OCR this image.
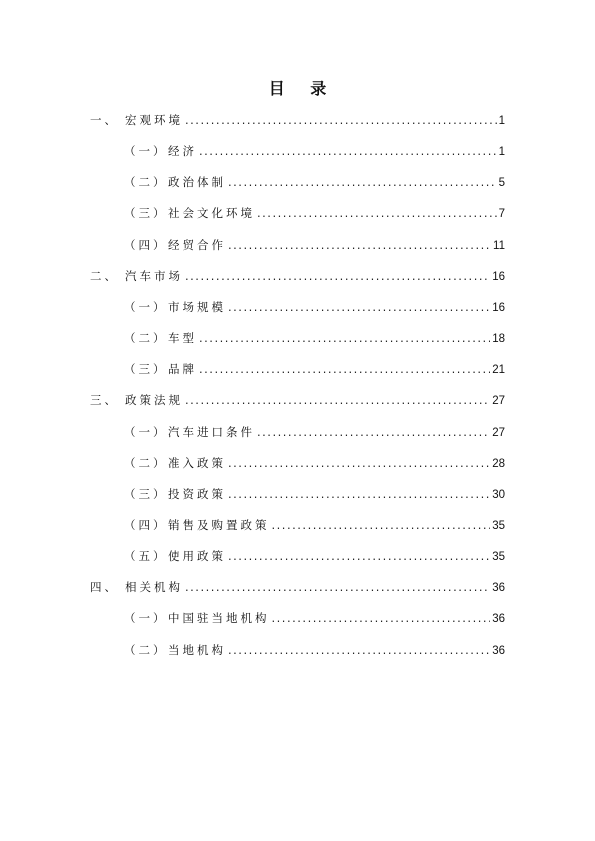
目 录
一、 宏观环境 .....	1
（一） 经济 .....	1
（二） 政治体制 .....	5
（三） 社会文化环境 .....	7
（四） 经贸合作 .....	11
二、 汽车市场 .....	16
（一） 市场规模 .....	16
（二） 车型 .....	18
（三） 品牌 .....	21
三、 政策法规 .....	27
（一） 汽车进口条件 .....	27
（二） 准入政策 .....	28
（三） 投资政策 .....	30
（四） 销售及购置政策 .....	35
（五） 使用政策 .....	35
四、 相关机构 .....	36
（一） 中国驻当地机构 .....	36
（二） 当地机构 .....	36
